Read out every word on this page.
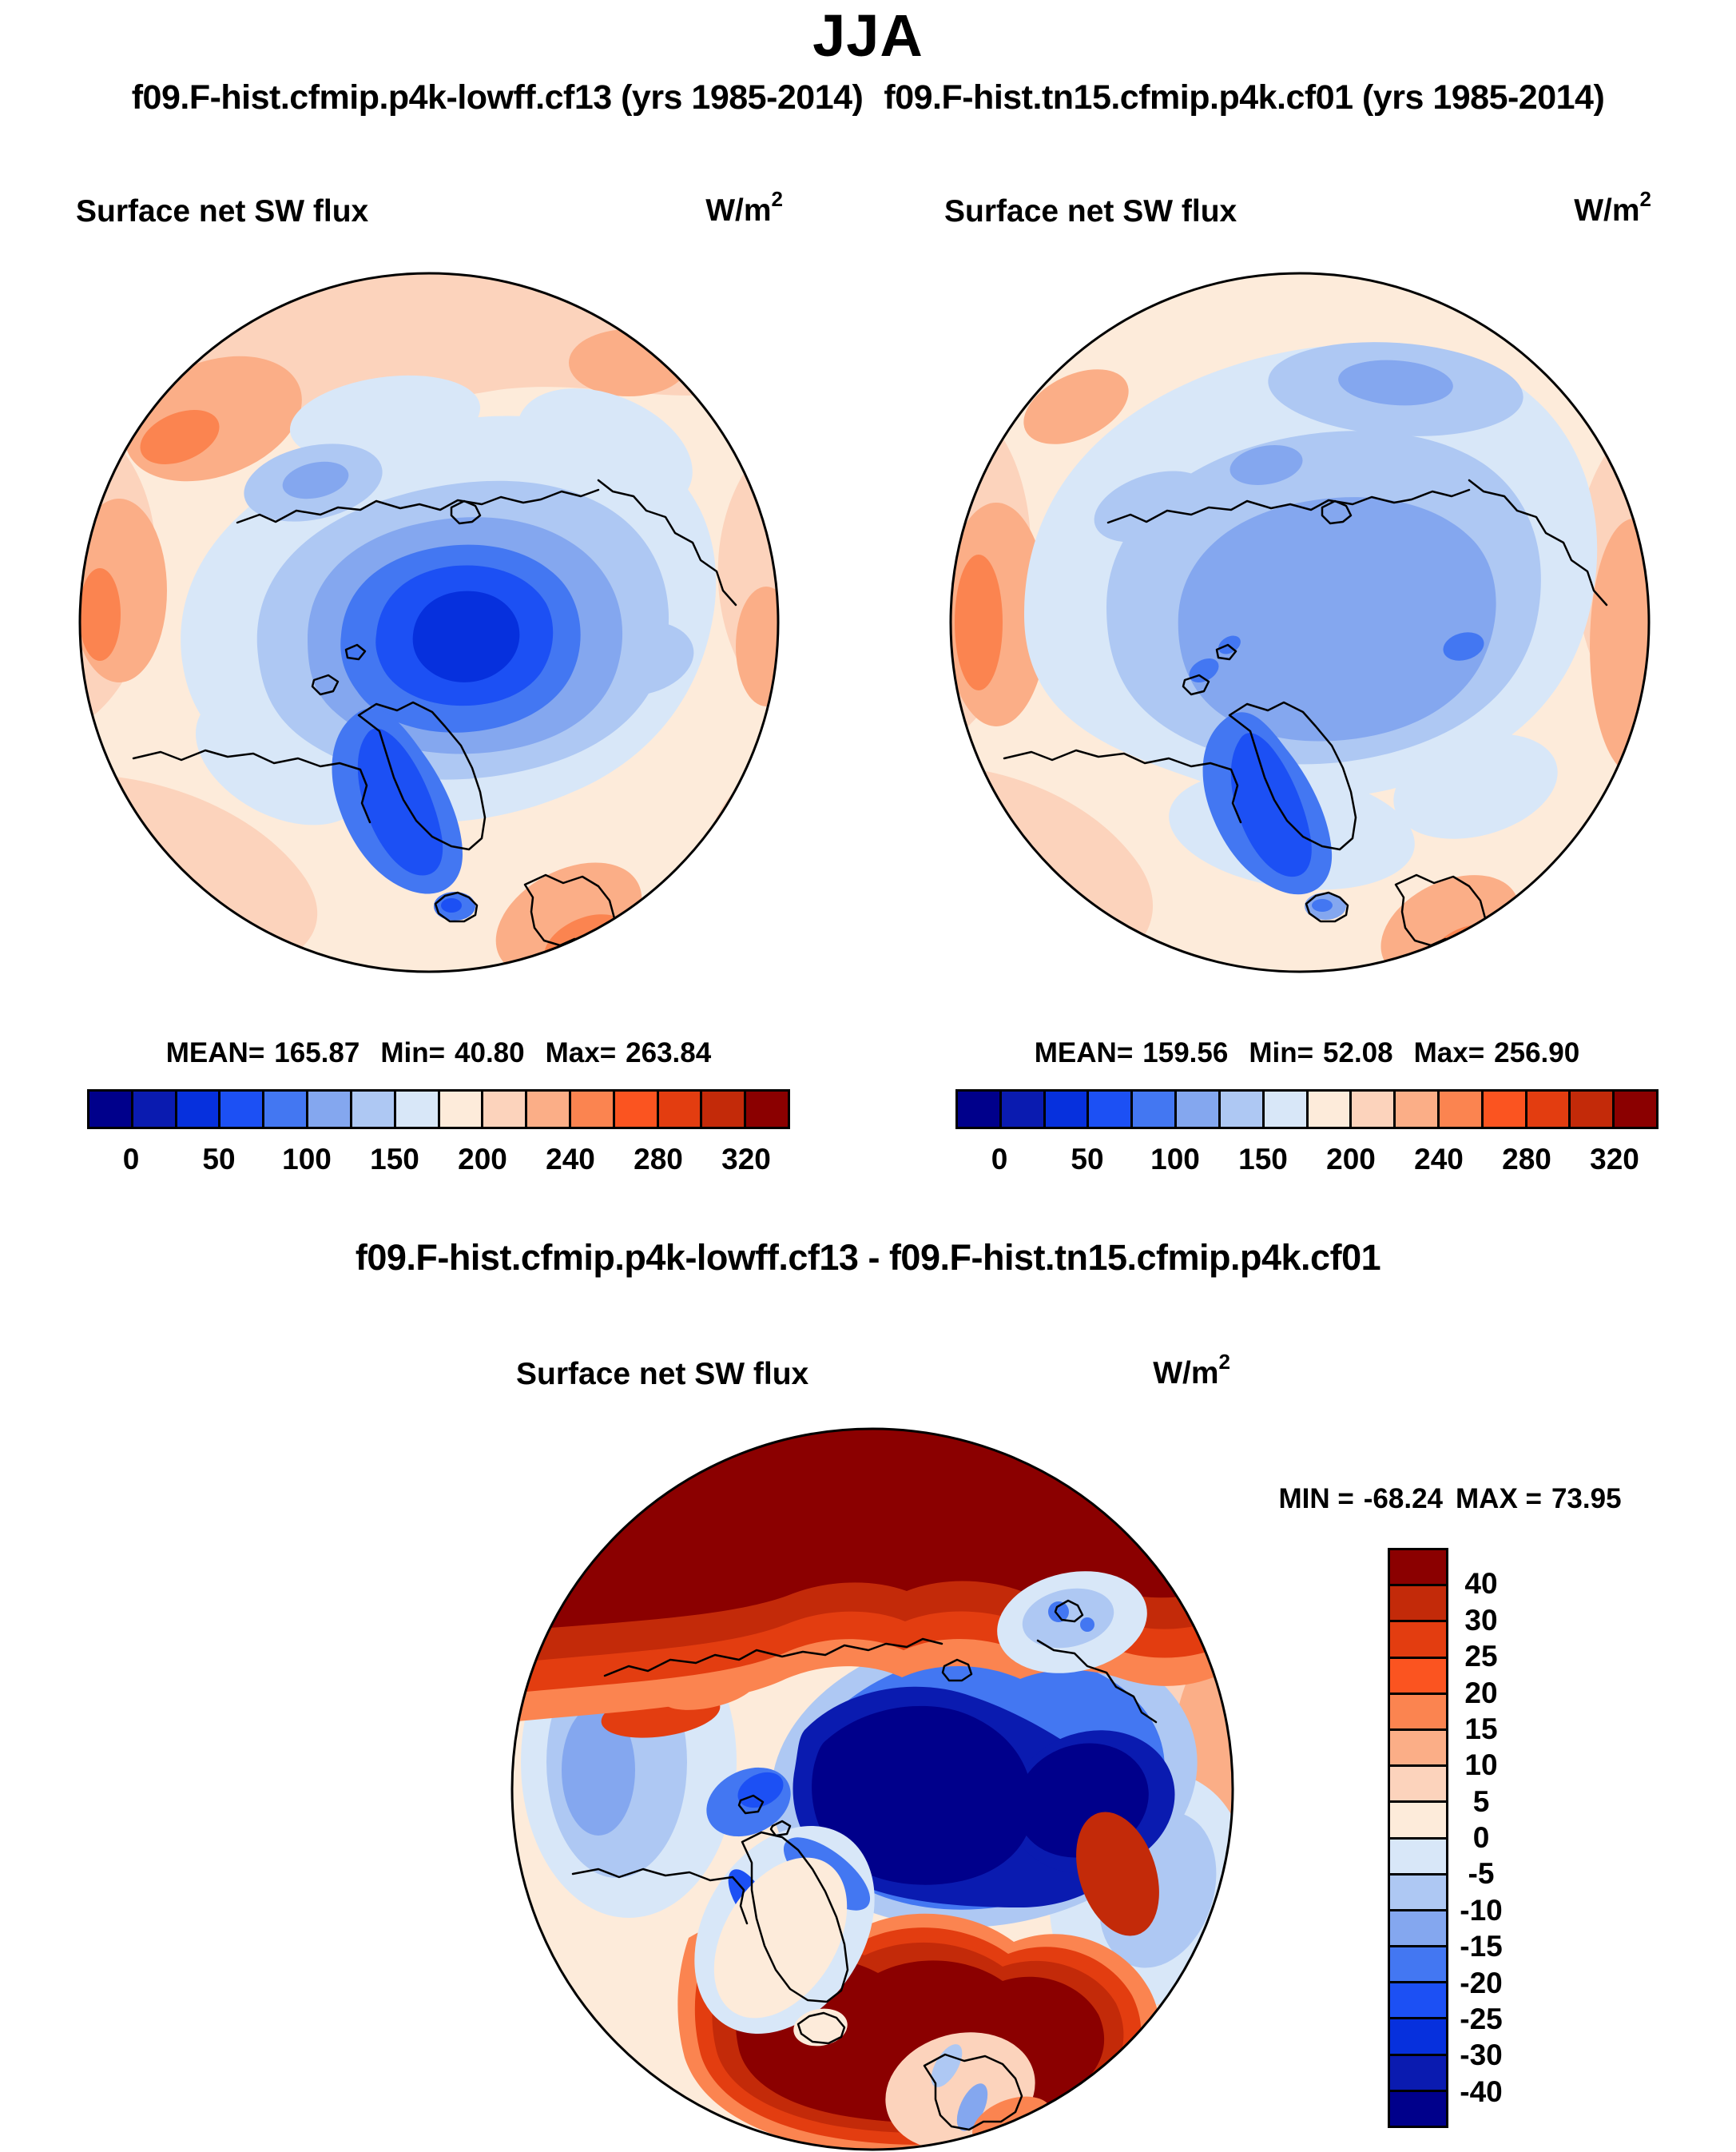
JJA
f09.F-hist.cfmip.p4k-lowff.cf13 (yrs 1985-2014) f09.F-hist.tn15.cfmip.p4k.cf01 (yrs 1985-2014)
Surface net SW flux	$W/m^2$	Surface net SW flux	$W/m^2$
MEAN= 165.87 Min= 40.80 Max= 263.84
0 50 100 150 200 240 280 320
MEAN= 159.56 Min= 52.08 Max= 256.90
0 50 100 150 200 240 280 320
f09.F-hist.cfmip.p4k-lowff.cf13 - f09.F-hist.tn15.cfmip.p4k.cf01
Surface net SW flux	$W/m^2$
MIN = -68.24 MAX = 73.95
40
30
25
20
15
10
5
0
-5
-10
-15
-20
-25
-30
-40
